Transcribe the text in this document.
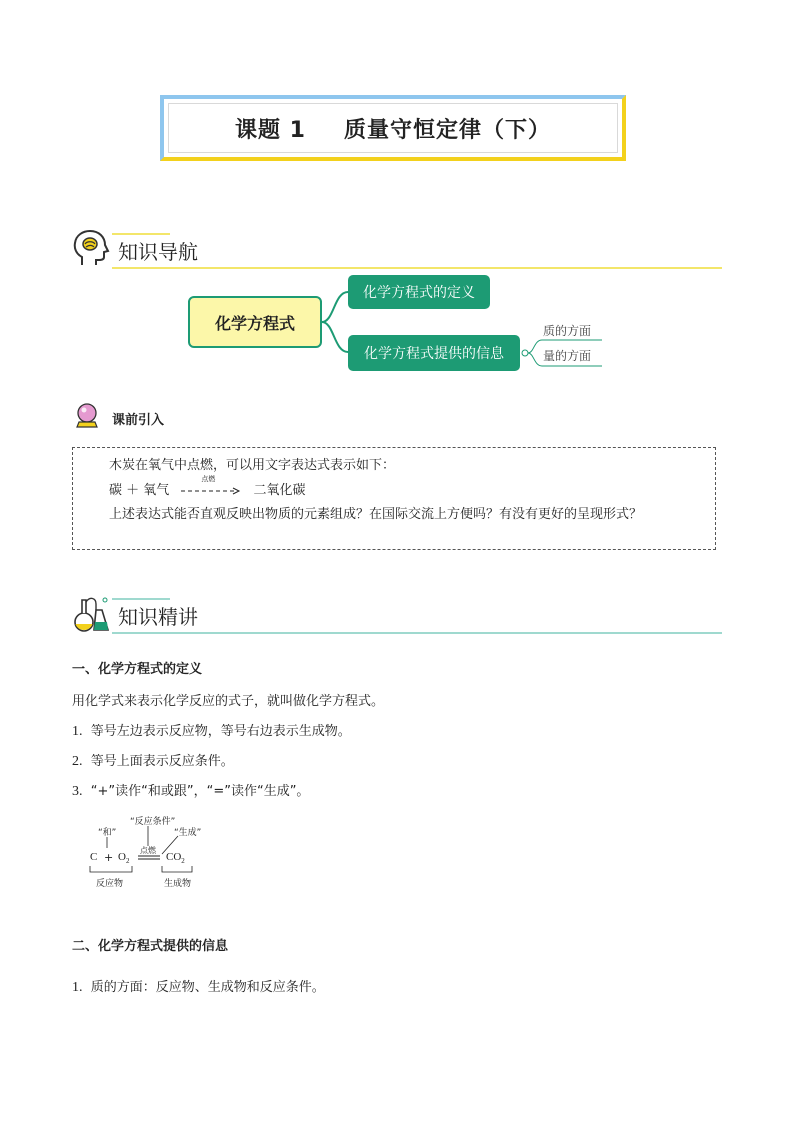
课题 1 质量守恒定律（下）
知识导航
化学方程式
化学方程式的定义
化学方程式提供的信息
质的方面
量的方面
课前引入
木炭在氧气中点燃，可以用文字表达式表示如下：
碳 ＋ 氧气
点燃
二氧化碳
上述表达式能否直观反映出物质的元素组成？在国际交流上方便吗？有没有更好的呈现形式？
知识精讲
一、化学方程式的定义
用化学式来表示化学反应的式子，就叫做化学方程式。
1. 等号左边表示反应物，等号右边表示生成物。
2. 等号上面表示反应条件。
3. “+”读作“和或跟”，“=”读作“生成”。
“和”
“反应条件”
“生成”
$C + O_2$
点燃
$CO_2$
反应物	生成物
二、化学方程式提供的信息
1. 质的方面：反应物、生成物和反应条件。
